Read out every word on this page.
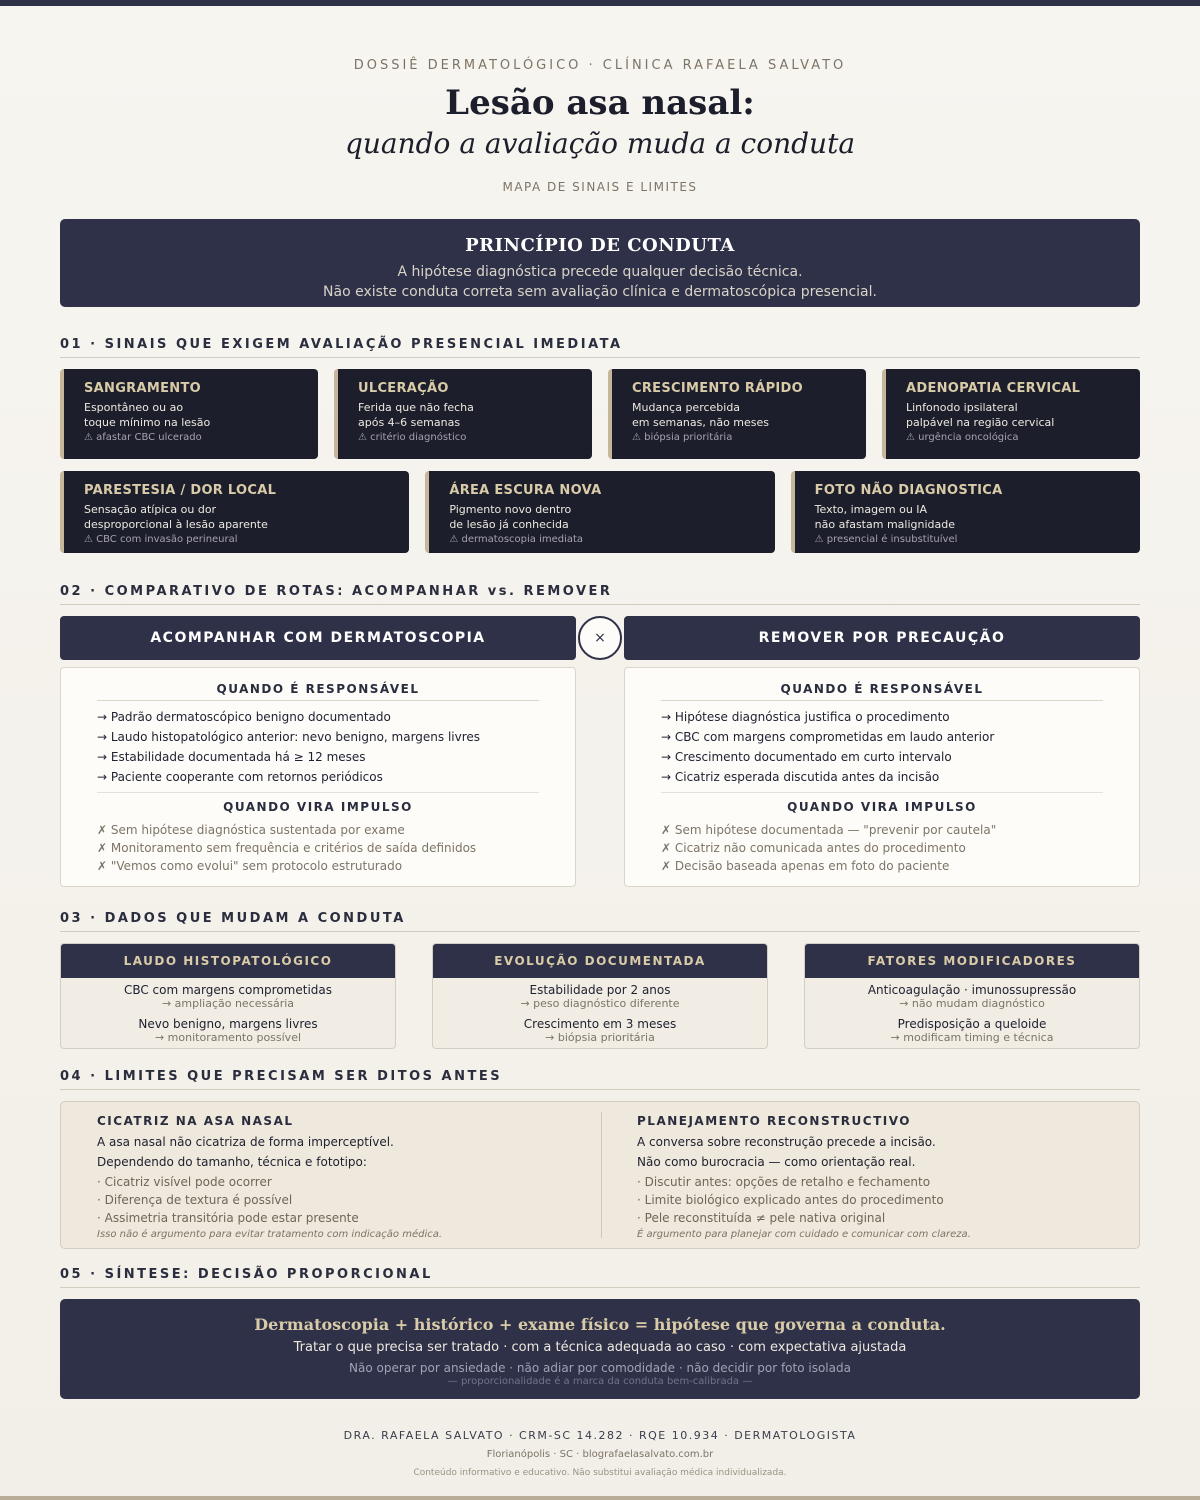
DOSSIÊ DERMATOLÓGICO · CLÍNICA RAFAELA SALVATO
Lesão asa nasal:
quando a avaliação muda a conduta
MAPA DE SINAIS E LIMITES
PRINCÍPIO DE CONDUTA

A hipótese diagnóstica precede qualquer decisão técnica.

Não existe conduta correta sem avaliação clínica e dermatoscópica presencial.

01 · SINAIS QUE EXIGEM AVALIAÇÃO PRESENCIAL IMEDIATA
SANGRAMENTO
Espontâneo ou ao
toque mínimo na lesão
⚠ afastar CBC ulcerado
ULCERAÇÃO
Ferida que não fecha
após 4–6 semanas
⚠ critério diagnóstico
CRESCIMENTO RÁPIDO
Mudança percebida
em semanas, não meses
⚠ biópsia prioritária
ADENOPATIA CERVICAL
Linfonodo ipsilateral
palpável na região cervical
⚠ urgência oncológica
PARESTESIA / DOR LOCAL
Sensação atípica ou dor
desproporcional à lesão aparente
⚠ CBC com invasão perineural
ÁREA ESCURA NOVA
Pigmento novo dentro
de lesão já conhecida
⚠ dermatoscopia imediata
FOTO NÃO DIAGNOSTICA
Texto, imagem ou IA
não afastam malignidade
⚠ presencial é insubstituível
02 · COMPARATIVO DE ROTAS: ACOMPANHAR vs. REMOVER
ACOMPANHAR COM DERMATOSCOPIA
QUANDO É RESPONSÁVEL
→ Padrão dermatoscópico benigno documentado
→ Laudo histopatológico anterior: nevo benigno, margens livres
→ Estabilidade documentada há ≥ 12 meses
→ Paciente cooperante com retornos periódicos
QUANDO VIRA IMPULSO
✗ Sem hipótese diagnóstica sustentada por exame
✗ Monitoramento sem frequência e critérios de saída definidos
✗ "Vemos como evolui" sem protocolo estruturado
×	REMOVER POR PRECAUÇÃO
QUANDO É RESPONSÁVEL
→ Hipótese diagnóstica justifica o procedimento
→ CBC com margens comprometidas em laudo anterior
→ Crescimento documentado em curto intervalo
→ Cicatriz esperada discutida antes da incisão
QUANDO VIRA IMPULSO
✗ Sem hipótese documentada — "prevenir por cautela"
✗ Cicatriz não comunicada antes do procedimento
✗ Decisão baseada apenas em foto do paciente
03 · DADOS QUE MUDAM A CONDUTA
LAUDO HISTOPATOLÓGICO
CBC com margens comprometidas
→ ampliação necessária
Nevo benigno, margens livres
→ monitoramento possível
EVOLUÇÃO DOCUMENTADA
Estabilidade por 2 anos
→ peso diagnóstico diferente
Crescimento em 3 meses
→ biópsia prioritária
FATORES MODIFICADORES
Anticoagulação · imunossupressão
→ não mudam diagnóstico
Predisposição a queloide
→ modificam timing e técnica
04 · LIMITES QUE PRECISAM SER DITOS ANTES
CICATRIZ NA ASA NASAL
A asa nasal não cicatriza de forma imperceptível.
Dependendo do tamanho, técnica e fototipo:
· Cicatriz visível pode ocorrer
· Diferença de textura é possível
· Assimetria transitória pode estar presente
Isso não é argumento para evitar tratamento com indicação médica.
PLANEJAMENTO RECONSTRUCTIVO
A conversa sobre reconstrução precede a incisão.
Não como burocracia — como orientação real.
· Discutir antes: opções de retalho e fechamento
· Limite biológico explicado antes do procedimento
· Pele reconstituída ≠ pele nativa original
É argumento para planejar com cuidado e comunicar com clareza.
05 · SÍNTESE: DECISÃO PROPORCIONAL
Dermatoscopia + histórico + exame físico = hipótese que governa a conduta.
Tratar o que precisa ser tratado · com a técnica adequada ao caso · com expectativa ajustada
Não operar por ansiedade · não adiar por comodidade · não decidir por foto isolada
— proporcionalidade é a marca da conduta bem-calibrada —
DRA. RAFAELA SALVATO · CRM-SC 14.282 · RQE 10.934 · DERMATOLOGISTA
Florianópolis · SC · blografaelasalvato.com.br
Conteúdo informativo e educativo. Não substitui avaliação médica individualizada.
